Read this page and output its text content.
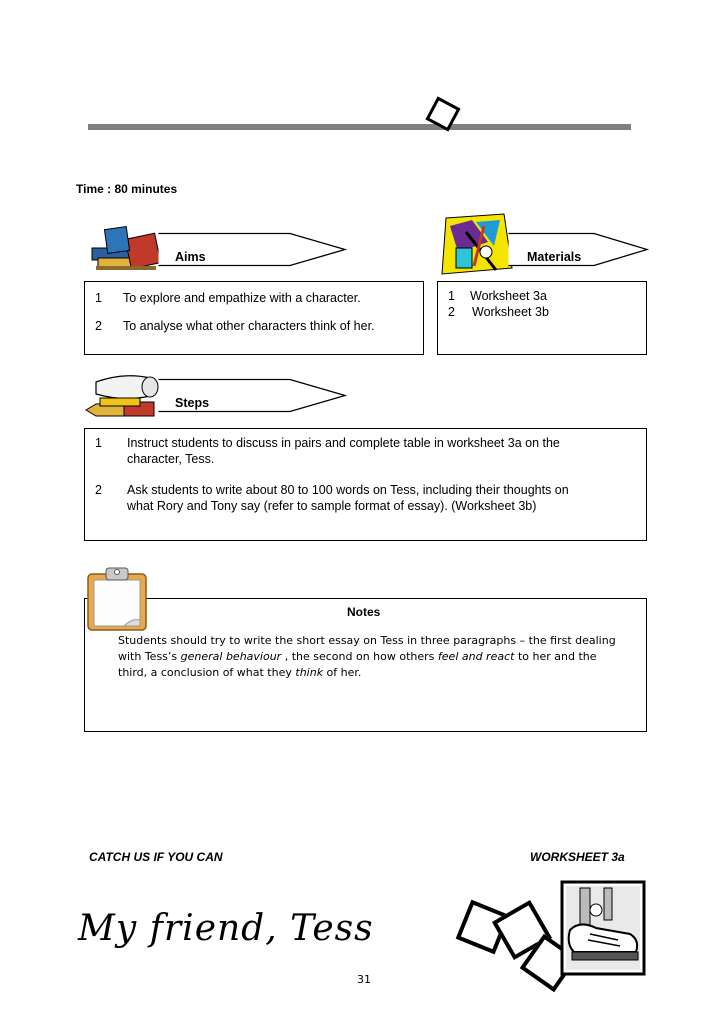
Time : 80 minutes
Aims	Materials
1 To explore and empathize with a character.
2 To analyse what other characters think of her.
1 Worksheet 3a
2 Worksheet 3b
Steps
1 Instruct students to discuss in pairs and complete table in worksheet 3a on the
character, Tess.
2 Ask students to write about 80 to 100 words on Tess, including their thoughts on
what Rory and Tony say (refer to sample format of essay). (Worksheet 3b)
Notes
Students should try to write the short essay on Tess in three paragraphs – the first dealing
with Tess’s general behaviour , the second on how others feel and react to her and the
third, a conclusion of what they think of her.
CATCH US IF YOU CAN	WORKSHEET 3a
My friend, Tess
31
